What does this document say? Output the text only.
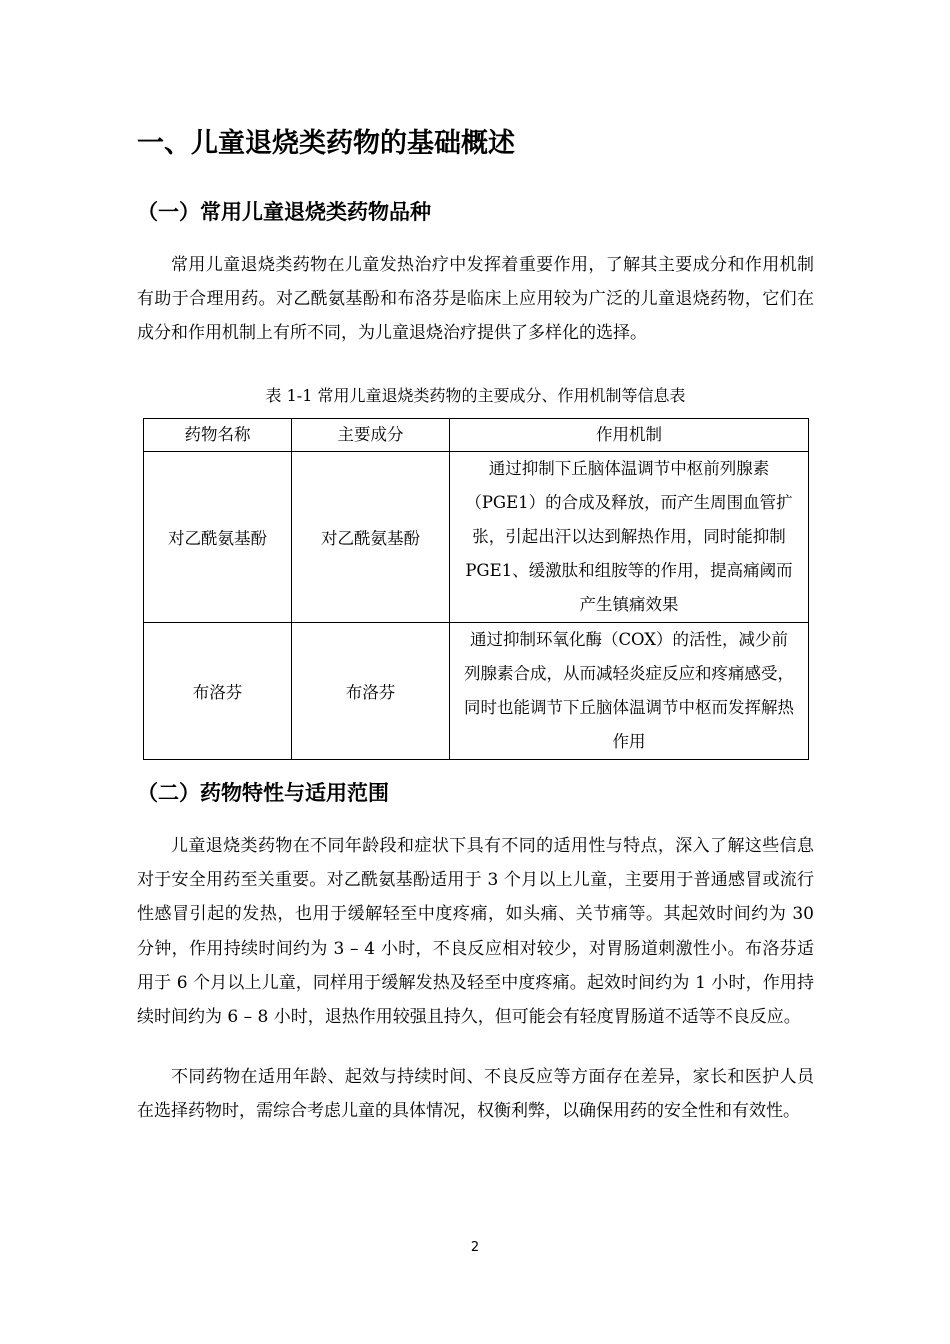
一、儿童退烧类药物的基础概述
（一）常用儿童退烧类药物品种

常用儿童退烧类药物在儿童发热治疗中发挥着重要作用，了解其主要成分和作用机制有助于合理用药。对乙酰氨基酚和布洛芬是临床上应用较为广泛的儿童退烧药物，它们在成分和作用机制上有所不同，为儿童退烧治疗提供了多样化的选择。

表 1-1 常用儿童退烧类药物的主要成分、作用机制等信息表

药物名称	主要成分	作用机制
对乙酰氨基酚	对乙酰氨基酚	通过抑制下丘脑体温调节中枢前列腺素（PGE1）的合成及释放，而产生周围血管扩张，引起出汗以达到解热作用，同时能抑制 PGE1、缓激肽和组胺等的作用，提高痛阈而产生镇痛效果
布洛芬	布洛芬	通过抑制环氧化酶（COX）的活性，减少前列腺素合成，从而减轻炎症反应和疼痛感受，同时也能调节下丘脑体温调节中枢而发挥解热作用
（二）药物特性与适用范围

儿童退烧类药物在不同年龄段和症状下具有不同的适用性与特点，深入了解这些信息对于安全用药至关重要。对乙酰氨基酚适用于 3 个月以上儿童，主要用于普通感冒或流行性感冒引起的发热，也用于缓解轻至中度疼痛，如头痛、关节痛等。其起效时间约为 30 分钟，作用持续时间约为 3 – 4 小时，不良反应相对较少，对胃肠道刺激性小。布洛芬适用于 6 个月以上儿童，同样用于缓解发热及轻至中度疼痛。起效时间约为 1 小时，作用持续时间约为 6 – 8 小时，退热作用较强且持久，但可能会有轻度胃肠道不适等不良反应。

不同药物在适用年龄、起效与持续时间、不良反应等方面存在差异，家长和医护人员在选择药物时，需综合考虑儿童的具体情况，权衡利弊，以确保用药的安全性和有效性。

2
